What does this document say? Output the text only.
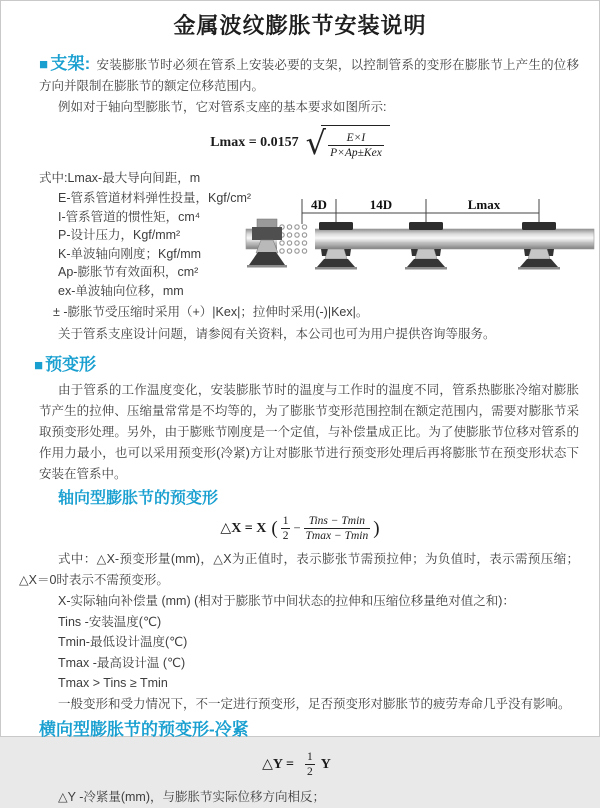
金属波纹膨胀节安装说明

■ 支架: 安装膨胀节时必须在管系上安装必要的支架，以控制管系的变形在膨胀节上产生的位移方向并限制在膨胀节的额定位移范围内。

例如对于轴向型膨胀节，它对管系支座的基本要求如图所示:
Lmax = 0.0157 √ $\frac{E\times I}{\text{P×Ap±Kex}}$
式中:Lmax-最大导向间距，m
E-管系管道材料弹性投量，Kgf/cm²
I-管系管道的惯性矩，cm⁴
P-设计压力，Kgf/mm²
K-单波轴向刚度；Kgf/mm
Ap-膨胀节有效面积，cm²
ex-单波轴向位移，mm
± -膨胀节受压缩时采用（+）|Kex|；拉伸时采用(-)|Kex|。
关于管系支座设计问题，请参阅有关资料，本公司也可为用户提供咨询等服务。
4D	14D	Lmax
■ 预变形

由于管系的工作温度变化，安装膨胀节时的温度与工作时的温度不同，管系热膨胀冷缩对膨胀节产生的拉伸、压缩量常常是不均等的，为了膨胀节变形范围控制在额定范围内，需要对膨胀节采取预变形处理。另外，由于膨账节刚度是一个定值，与补偿量成正比。为了使膨胀节位移对管系的作用力最小，也可以采用预变形(冷紧)方让对膨胀节进行预变形处理后再将膨胀节在预变形状态下安装在管系中。

轴向型膨胀节的预变形
△X = X ( $\frac{1}{2} - \frac{\text{Tins − Tmin}}{Tmax - Tmin}$ )

式中：△X-预变形量(mm)，△X为正值时，表示膨张节需预拉伸；为负值时，表示需预压缩；△X＝0时表示不需预变形。

X-实际轴向补偿量 (mm) (相对于膨胀节中间状态的拉伸和压缩位移量绝对值之和)：
Tins -安装温度(℃)
Tmin-最低设计温度(℃)
Tmax -最高设计温 (℃)
Tmax > Tins ≥ Tmin
一般变形和受力情况下，不一定进行预变形，足否预变形对膨胀节的疲劳寿命几乎没有影响。
横向型膨胀节的预变形-冷紧
△Y = $\frac{1}{2}$ Y
△Y -冷紧量(mm)，与膨胀节实际位移方向相反；
